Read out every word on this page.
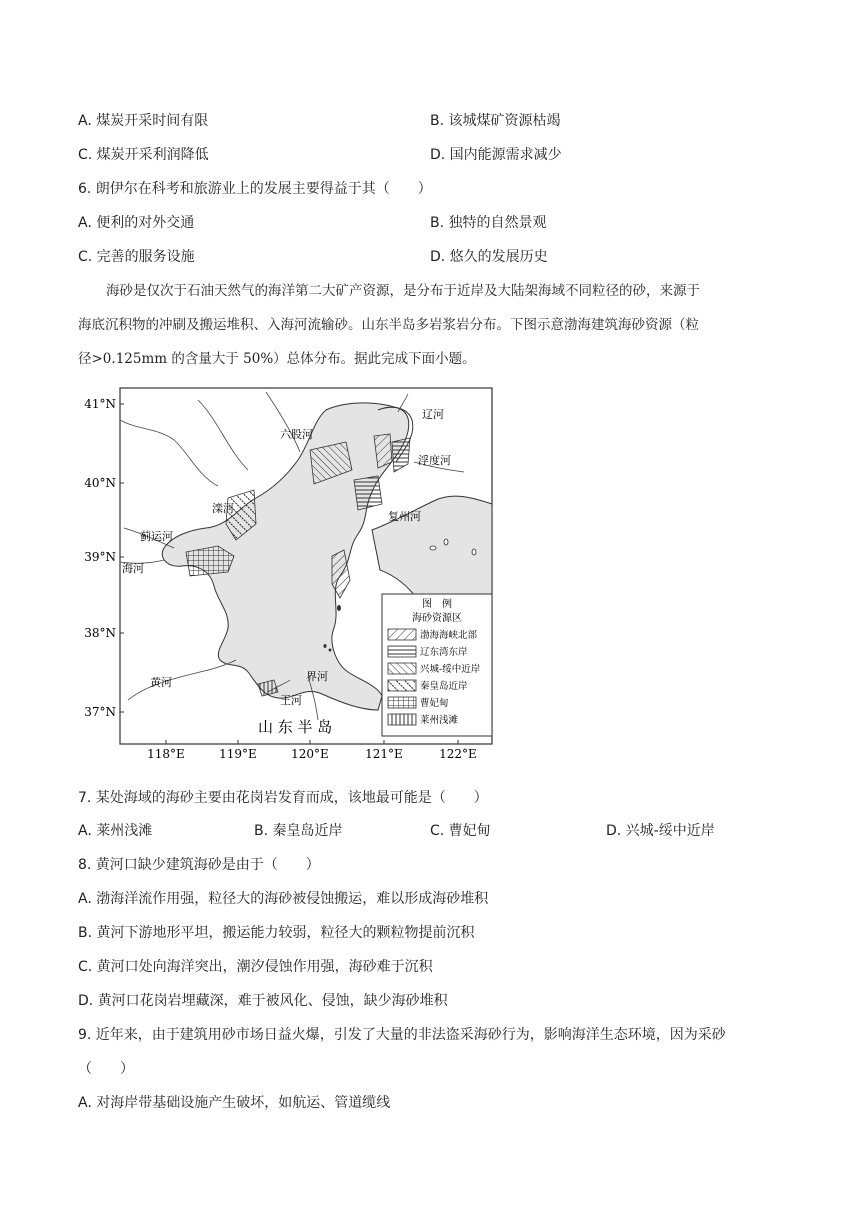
A. 煤炭开采时间有限	B. 该城煤矿资源枯竭
C. 煤炭开采利润降低	D. 国内能源需求减少
6. 朗伊尔在科考和旅游业上的发展主要得益于其（　　）
A. 便利的对外交通	B. 独特的自然景观
C. 完善的服务设施	D. 悠久的发展历史
海砂是仅次于石油天然气的海洋第二大矿产资源，是分布于近岸及大陆架海域不同粒径的砂，来源于
海底沉积物的冲刷及搬运堆积、入海河流输砂。山东半岛多岩浆岩分布。下图示意渤海建筑海砂资源（粒
径>0.125mm 的含量大于 50%）总体分布。据此完成下面小题。
41°N
40°N
39°N
38°N
37°N
118°E	119°E	120°E	121°E	122°E
辽河
六股河
浮度河
滦河
复州河
蓟运河
海河
黄河	界河
王河
山 东 半 岛
图　例
海砂资源区
渤海海峡北部
辽东湾东岸
兴城-绥中近岸
秦皇岛近岸
曹妃甸
莱州浅滩
7. 某处海域的海砂主要由花岗岩发育而成，该地最可能是（　　）
A. 莱州浅滩	B. 秦皇岛近岸	C. 曹妃甸	D. 兴城-绥中近岸
8. 黄河口缺少建筑海砂是由于（　　）
A. 渤海洋流作用强，粒径大的海砂被侵蚀搬运，难以形成海砂堆积
B. 黄河下游地形平坦，搬运能力较弱，粒径大的颗粒物提前沉积
C. 黄河口处向海洋突出，潮汐侵蚀作用强，海砂难于沉积
D. 黄河口花岗岩埋藏深，难于被风化、侵蚀，缺少海砂堆积
9. 近年来，由于建筑用砂市场日益火爆，引发了大量的非法盗采海砂行为，影响海洋生态环境，因为采砂
（　　）
A. 对海岸带基础设施产生破坏，如航运、管道缆线
